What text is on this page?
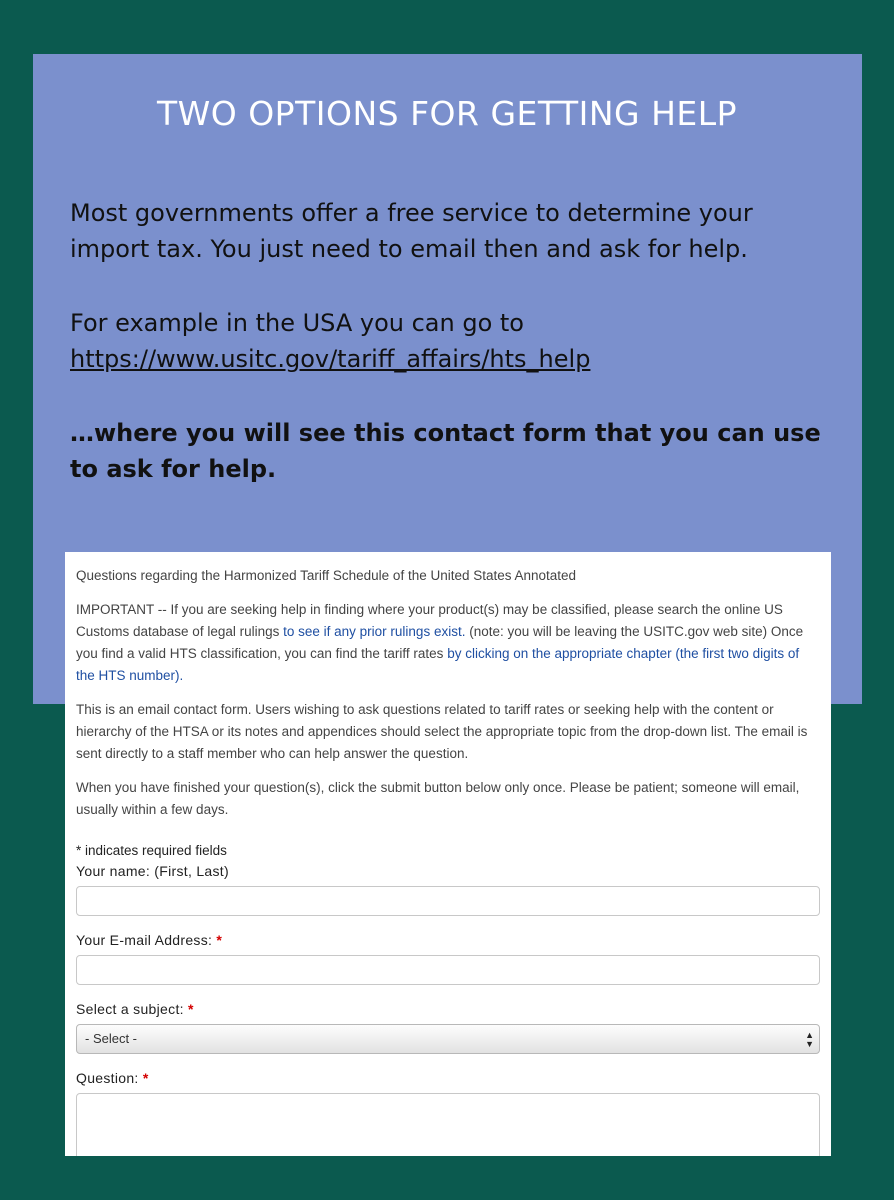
TWO OPTIONS FOR GETTING HELP

Most governments offer a free service to determine your import tax. You just need to email then and ask for help.

For example in the USA you can go to
https://www.usitc.gov/tariff_affairs/hts_help

…where you will see this contact form that you can use to ask for help.

Questions regarding the Harmonized Tariff Schedule of the United States Annotated

IMPORTANT -- If you are seeking help in finding where your product(s) may be classified, please search the online US Customs database of legal rulings to see if any prior rulings exist. (note: you will be leaving the USITC.gov web site) Once you find a valid HTS classification, you can find the tariff rates by clicking on the appropriate chapter (the first two digits of the HTS number).

This is an email contact form. Users wishing to ask questions related to tariff rates or seeking help with the content or hierarchy of the HTSA or its notes and appendices should select the appropriate topic from the drop-down list. The email is sent directly to a staff member who can help answer the question.

When you have finished your question(s), click the submit button below only once. Please be patient; someone will email, usually within a few days.

* indicates required fields

Your name: (First, Last)
Your E-mail Address: *
Select a subject: *
- Select -	▲
▼
Question: *
